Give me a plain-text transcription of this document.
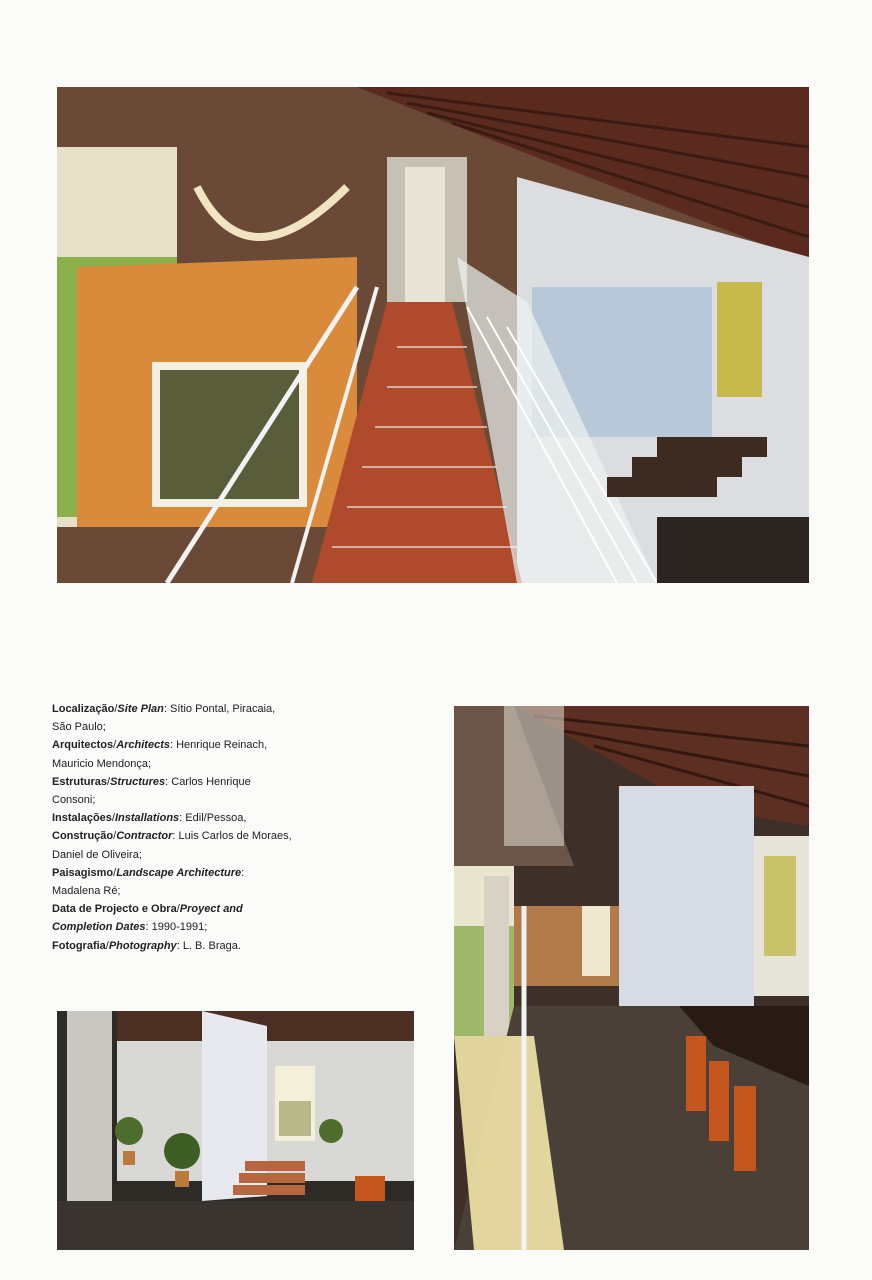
Localização/Site Plan: Sítio Pontal, Piracaia, São Paulo;

Arquitectos/Architects: Henrique Reinach, Mauricio Mendonça;

Estruturas/Structures: Carlos Henrique Consoni;

Instalações/Installations: Edil/Pessoa,

Construção/Contractor: Luis Carlos de Moraes, Daniel de Oliveira;

Paisagismo/Landscape Architecture: Madalena Ré;

Data de Projecto e Obra/Proyect and Completion Dates: 1990-1991;

Fotografia/Photography: L. B. Braga.
